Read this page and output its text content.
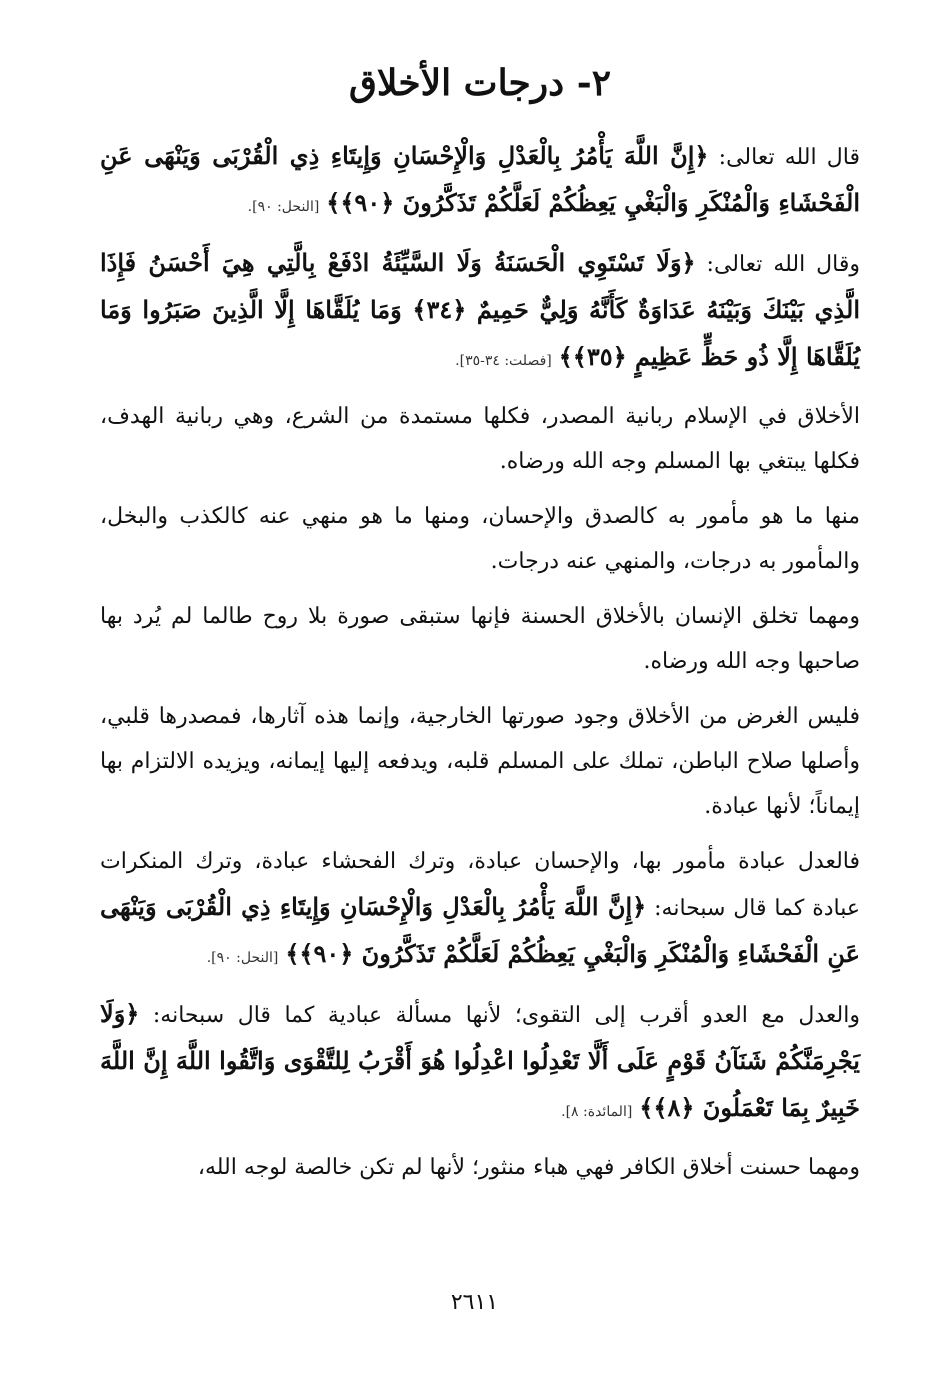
٢- درجات الأخلاق

قال الله تعالى: ﴿إِنَّ اللَّهَ يَأْمُرُ بِالْعَدْلِ وَالْإِحْسَانِ وَإِيتَاءِ ذِي الْقُرْبَى وَيَنْهَى عَنِ الْفَحْشَاءِ وَالْمُنْكَرِ وَالْبَغْيِ يَعِظُكُمْ لَعَلَّكُمْ تَذَكَّرُونَ ﴿٩٠﴾﴾ [النحل: ٩٠].

وقال الله تعالى: ﴿وَلَا تَسْتَوِي الْحَسَنَةُ وَلَا السَّيِّئَةُ ادْفَعْ بِالَّتِي هِيَ أَحْسَنُ فَإِذَا الَّذِي بَيْنَكَ وَبَيْنَهُ عَدَاوَةٌ كَأَنَّهُ وَلِيٌّ حَمِيمٌ ﴿٣٤﴾ وَمَا يُلَقَّاهَا إِلَّا الَّذِينَ صَبَرُوا وَمَا يُلَقَّاهَا إِلَّا ذُو حَظٍّ عَظِيمٍ ﴿٣٥﴾﴾ [فصلت: ٣٤-٣٥].

الأخلاق في الإسلام ربانية المصدر، فكلها مستمدة من الشرع، وهي ربانية الهدف، فكلها يبتغي بها المسلم وجه الله ورضاه.

منها ما هو مأمور به كالصدق والإحسان، ومنها ما هو منهي عنه كالكذب والبخل، والمأمور به درجات، والمنهي عنه درجات.

ومهما تخلق الإنسان بالأخلاق الحسنة فإنها ستبقى صورة بلا روح طالما لم يُرد بها صاحبها وجه الله ورضاه.

فليس الغرض من الأخلاق وجود صورتها الخارجية، وإنما هذه آثارها، فمصدرها قلبي، وأصلها صلاح الباطن، تملك على المسلم قلبه، ويدفعه إليها إيمانه، ويزيده الالتزام بها إيماناً؛ لأنها عبادة.

فالعدل عبادة مأمور بها، والإحسان عبادة، وترك الفحشاء عبادة، وترك المنكرات عبادة كما قال سبحانه: ﴿إِنَّ اللَّهَ يَأْمُرُ بِالْعَدْلِ وَالْإِحْسَانِ وَإِيتَاءِ ذِي الْقُرْبَى وَيَنْهَى عَنِ الْفَحْشَاءِ وَالْمُنْكَرِ وَالْبَغْيِ يَعِظُكُمْ لَعَلَّكُمْ تَذَكَّرُونَ ﴿٩٠﴾﴾ [النحل: ٩٠].

والعدل مع العدو أقرب إلى التقوى؛ لأنها مسألة عبادية كما قال سبحانه: ﴿وَلَا يَجْرِمَنَّكُمْ شَنَآنُ قَوْمٍ عَلَى أَلَّا تَعْدِلُوا اعْدِلُوا هُوَ أَقْرَبُ لِلتَّقْوَى وَاتَّقُوا اللَّهَ إِنَّ اللَّهَ خَبِيرٌ بِمَا تَعْمَلُونَ ﴿٨﴾﴾ [المائدة: ٨].

ومهما حسنت أخلاق الكافر فهي هباء منثور؛ لأنها لم تكن خالصة لوجه الله،

٢٦١١
